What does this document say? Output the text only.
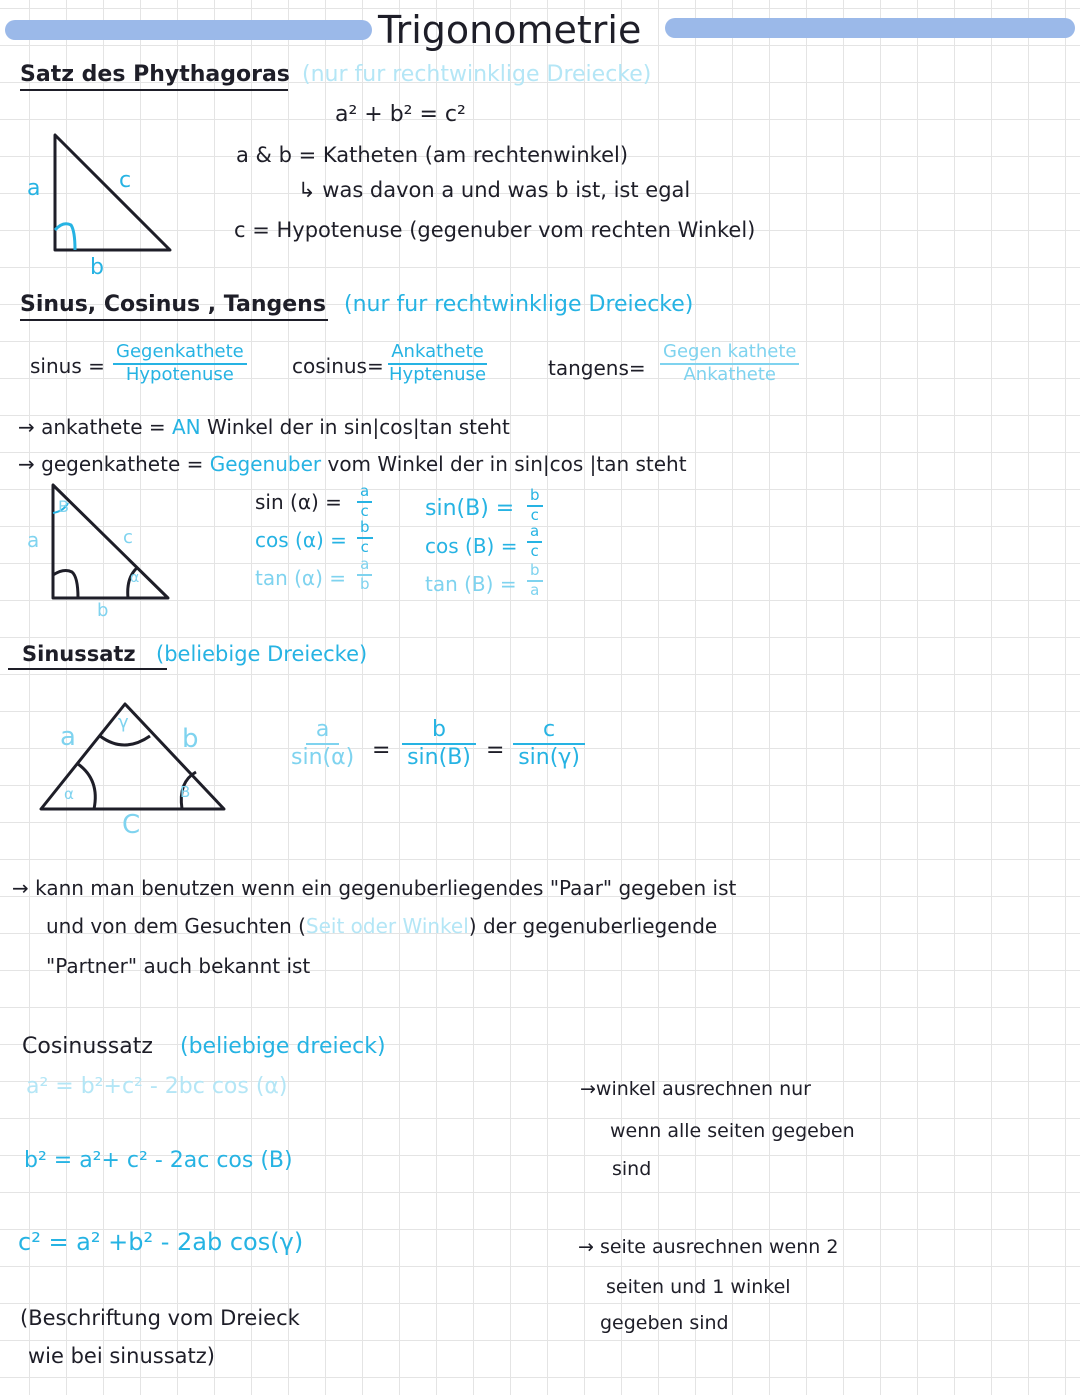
Trigonometrie
Satz des Phythagoras (nur fur rechtwinklige Dreiecke)
a² + b² = c²
a	c
b
a & b = Katheten (am rechtenwinkel)
↳ was davon a und was b ist, ist egal
c = Hypotenuse (gegenuber vom rechten Winkel)
Sinus, Cosinus , Tangens (nur fur rechtwinklige Dreiecke)
sinus =
Gegenkathete
Hypotenuse	cosinus=
Ankathete
Hyptenuse	tangens=
Gegen kathete
Ankathete
→ ankathete = AN Winkel der in sin|cos|tan steht
→ gegenkathete = Gegenuber vom Winkel der in sin|cos |tan steht
B
a	c
α
b
$\sin (\alpha) = \frac{a}{c}$
$\cos (\alpha) = \frac{b}{c}$
$\tan (\alpha) = \frac{a}{b}$
$\sin(B) = \frac{b}{c}$
$\cos (B) = \frac{a}{c}$
$\tan (B) = \frac{b}{a}$
Sinussatz (beliebige Dreiecke)
a γ
b
α	B
C
$\frac{a}{\sin(\alpha)} = \frac{b}{\sin(B)} = \frac{c}{\sin(\gamma)}$
→ kann man benutzen wenn ein gegenuberliegendes "Paar" gegeben ist
und von dem Gesuchten (Seit oder Winkel) der gegenuberliegende
"Partner" auch bekannt ist
Cosinussatz (beliebige dreieck)
a² = b²+c² - 2bc cos (α)
b² = a²+ c² - 2ac cos (B)
c² = a² +b² - 2ab cos(γ)
→winkel ausrechnen nur
wenn alle seiten gegeben
sind
→ seite ausrechnen wenn 2
seiten und 1 winkel
gegeben sind
(Beschriftung vom Dreieck
wie bei sinussatz)
